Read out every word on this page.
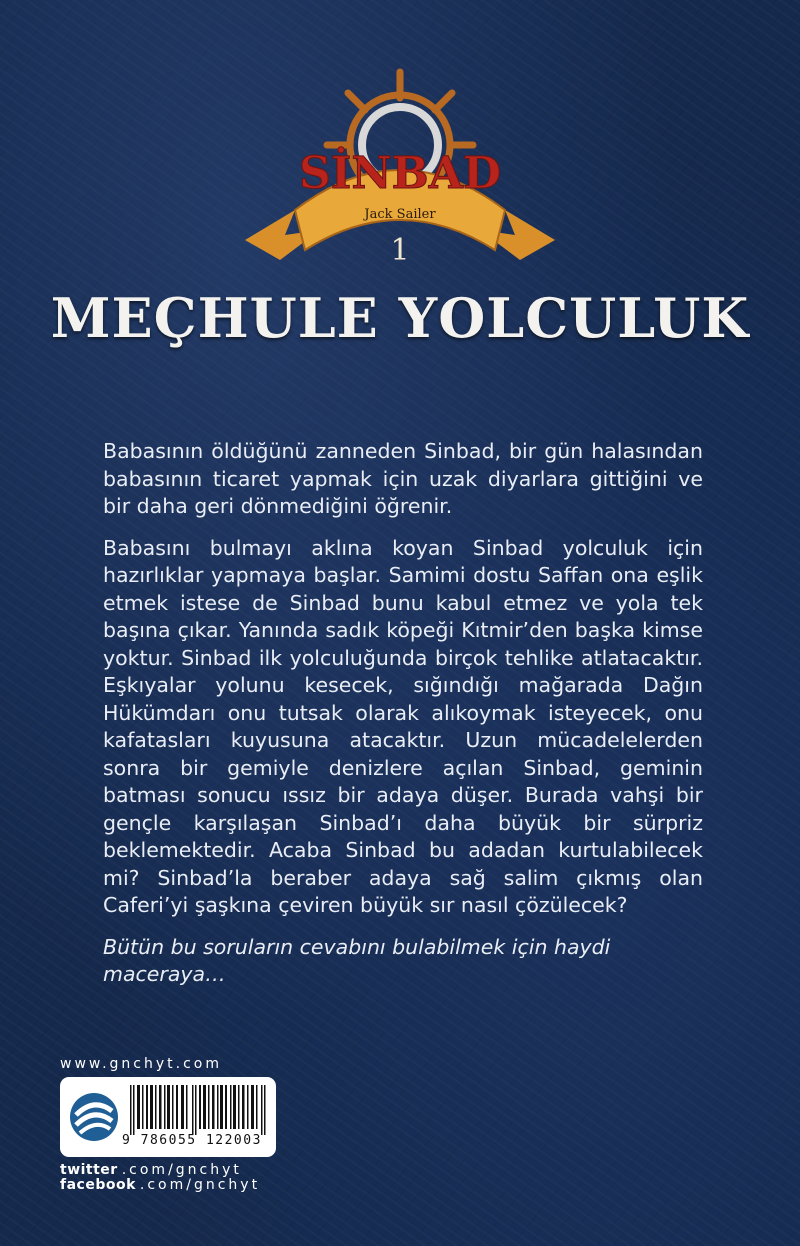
SİNBAD
Jack Sailer
1
MEÇHULE YOLCULUK

Babasının öldüğünü zanneden Sinbad, bir gün halasından babasının ticaret yapmak için uzak diyarlara gittiğini ve bir daha geri dönmediğini öğrenir.

Babasını bulmayı aklına koyan Sinbad yolculuk için hazırlıklar yapmaya başlar. Samimi dostu Saffan ona eşlik etmek istese de Sinbad bunu kabul etmez ve yola tek başına çıkar. Yanında sadık köpeği Kıtmir’den başka kimse yoktur. Sinbad ilk yolculuğunda birçok tehlike atlatacaktır. Eşkıyalar yolunu kesecek, sığındığı mağarada Dağın Hükümdarı onu tutsak olarak alıkoymak isteyecek, onu kafatasları kuyusuna atacaktır. Uzun mücadelelerden sonra bir gemiyle denizlere açılan Sinbad, geminin batması sonucu ıssız bir adaya düşer. Burada vahşi bir gençle karşılaşan Sinbad’ı daha büyük bir sürpriz beklemektedir. Acaba Sinbad bu adadan kurtulabilecek mi? Sinbad’la beraber adaya sağ salim çıkmış olan Caferi’yi şaşkına çeviren büyük sır nasıl çözülecek?

Bütün bu soruların cevabını bulabilmek için haydi maceraya…

www.gnchyt.com
9 786055 122003
twitter .com/gnchyt
facebook .com/gnchyt
